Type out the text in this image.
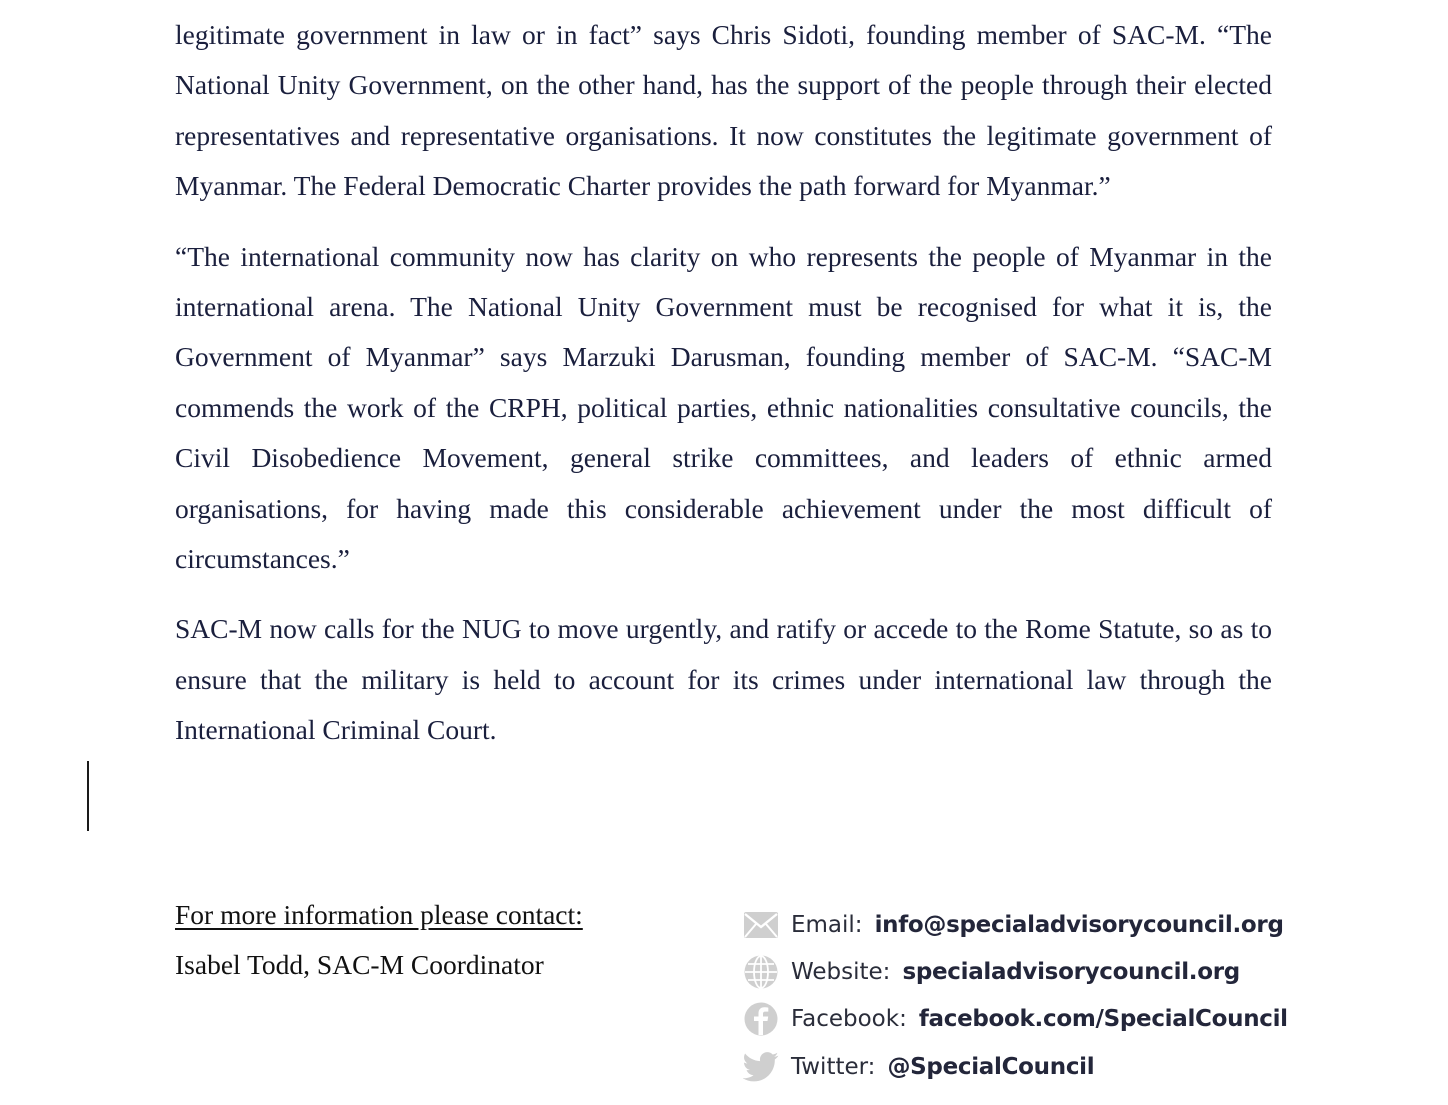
legitimate government in law or in fact” says Chris Sidoti, founding member of SAC-M. “The National Unity Government, on the other hand, has the support of the people through their elected representatives and representative organisations. It now constitutes the legitimate government of Myanmar. The Federal Democratic Charter provides the path forward for Myanmar.”

“The international community now has clarity on who represents the people of Myanmar in the international arena. The National Unity Government must be recognised for what it is, the Government of Myanmar” says Marzuki Darusman, founding member of SAC-M. “SAC-M commends the work of the CRPH, political parties, ethnic nationalities consultative councils, the Civil Disobedience Movement, general strike committees, and leaders of ethnic armed organisations, for having made this considerable achievement under the most difficult of circumstances.”

SAC-M now calls for the NUG to move urgently, and ratify or accede to the Rome Statute, so as to ensure that the military is held to account for its crimes under international law through the International Criminal Court.

For more information please contact:
Isabel Todd, SAC-M Coordinator
Email: info@specialadvisorycouncil.org
Website: specialadvisorycouncil.org
Facebook: facebook.com/SpecialCouncil
Twitter: @SpecialCouncil
